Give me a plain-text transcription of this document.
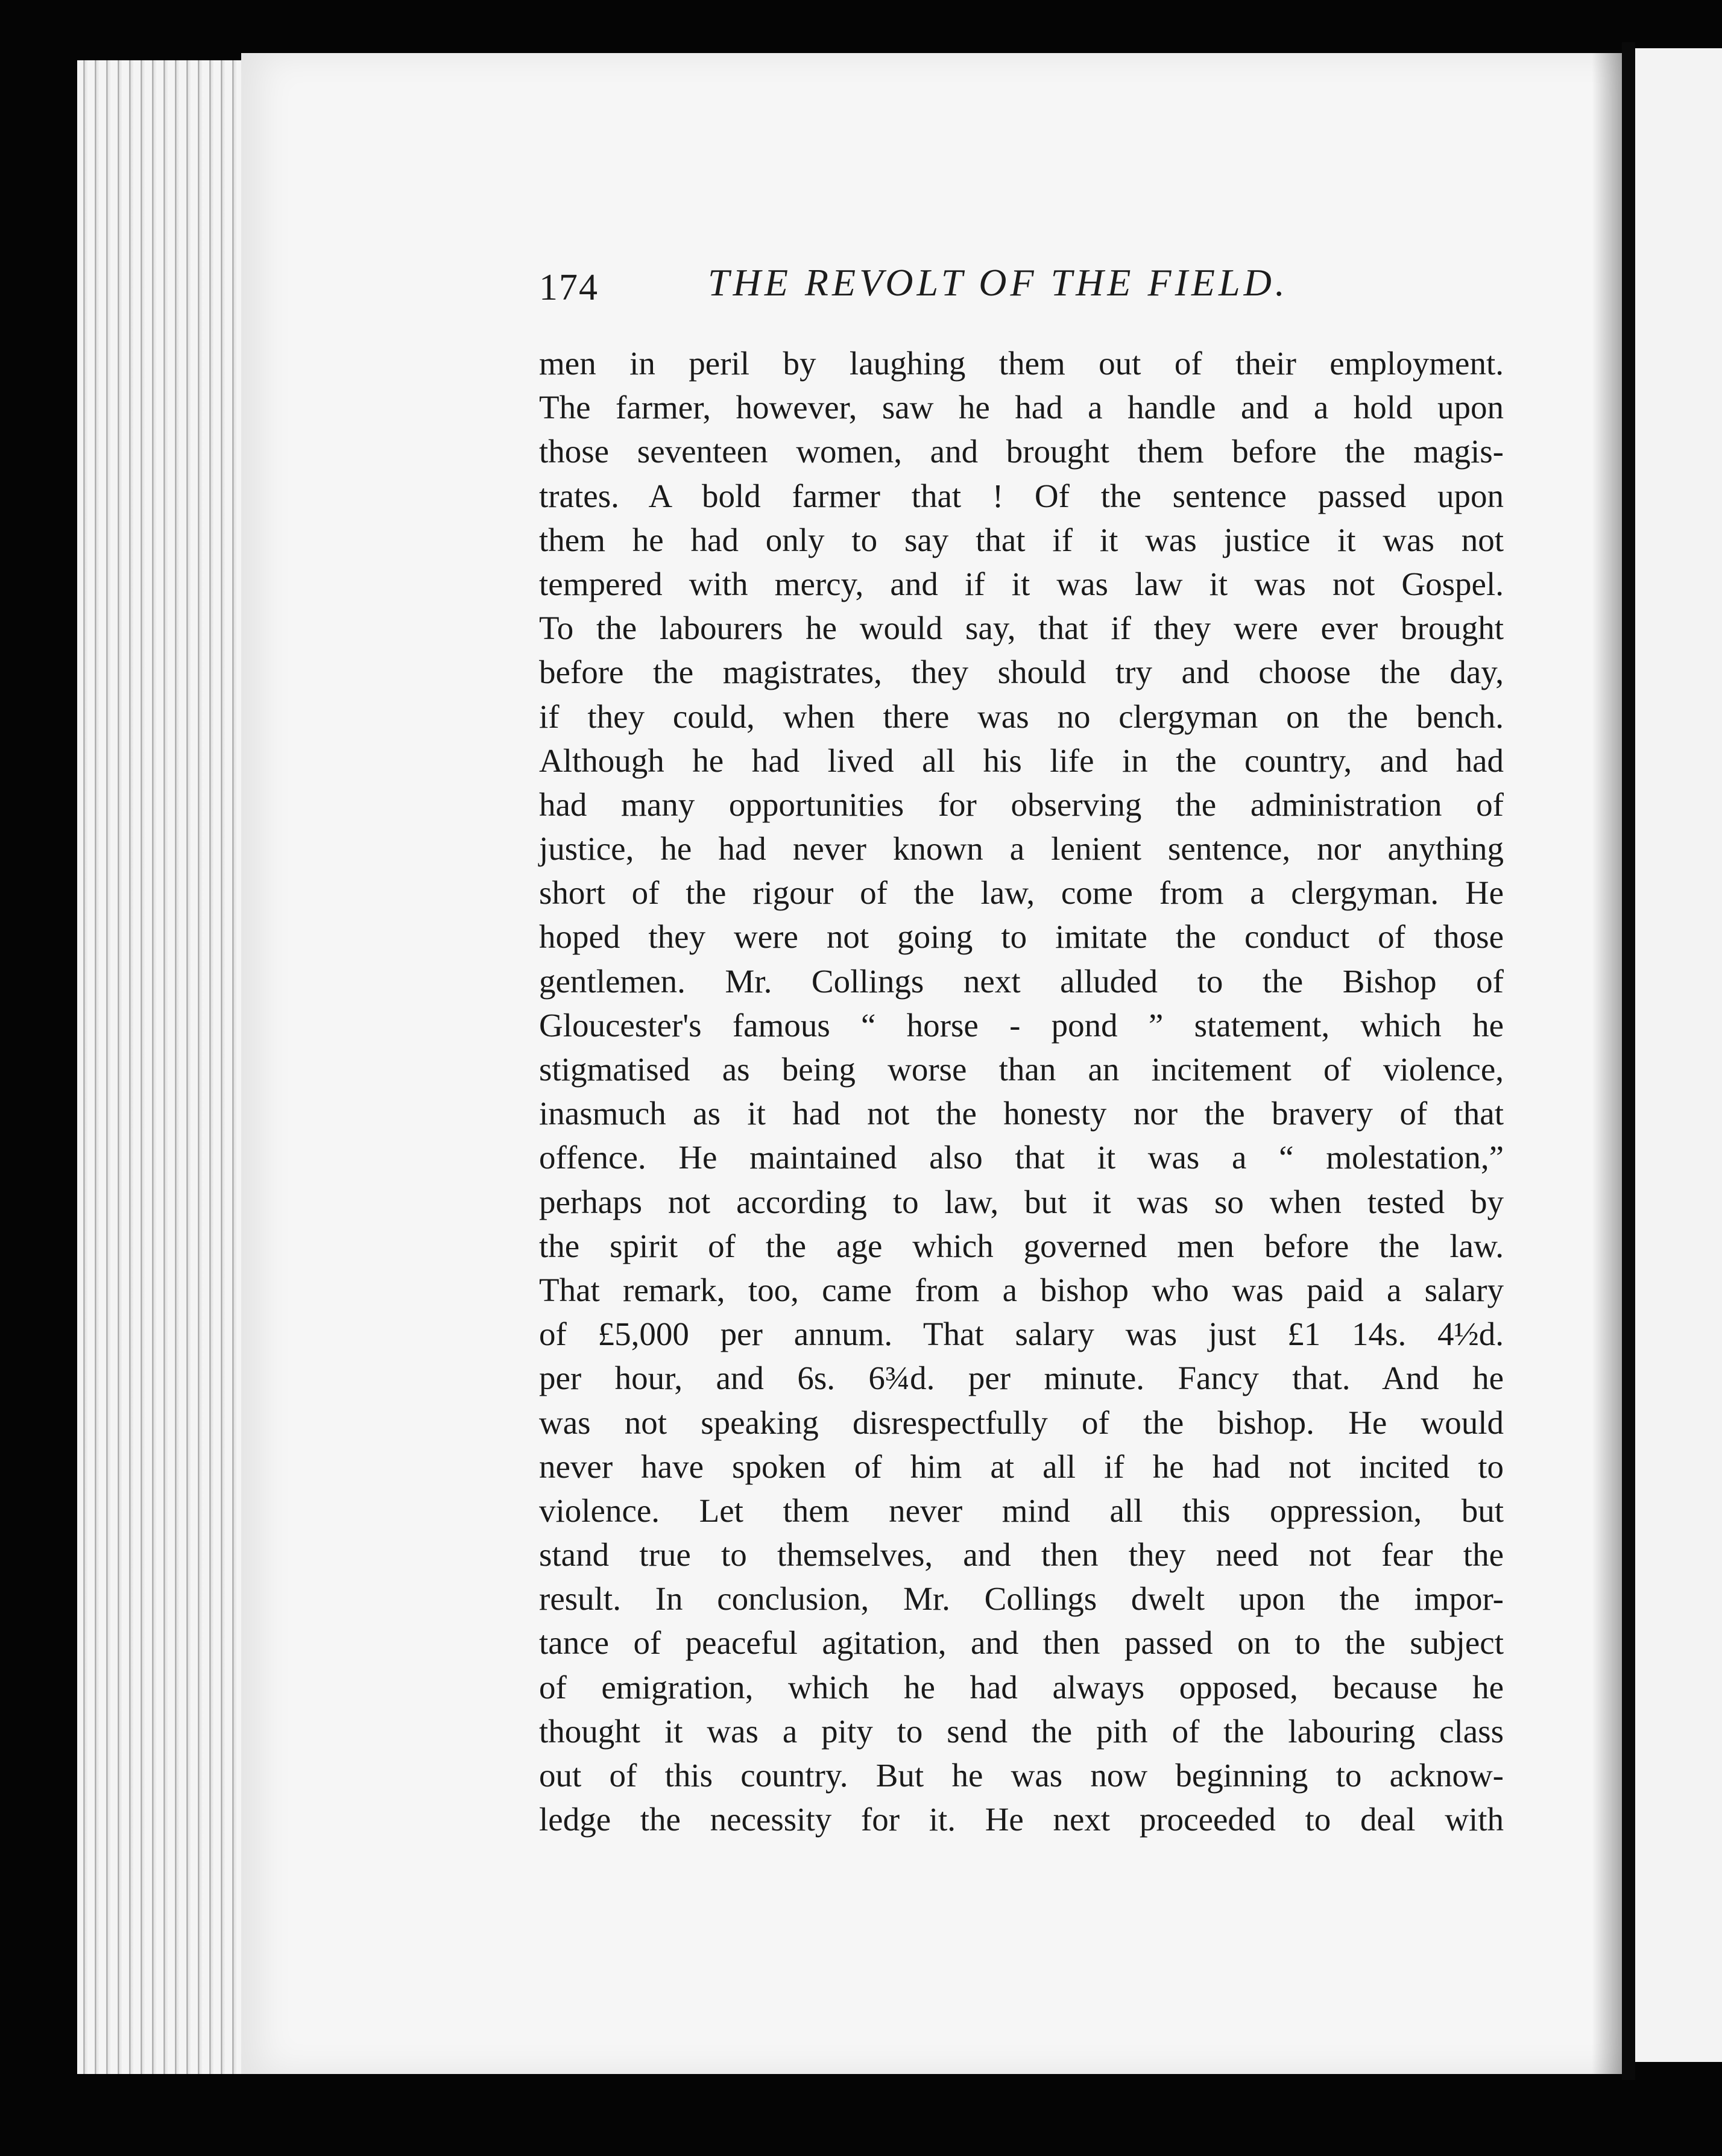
174	THE REVOLT OF THE FIELD.
men in peril by laughing them out of their employment.
The farmer, however, saw he had a handle and a hold upon
those seventeen women, and brought them before the magis-
trates. A bold farmer that ! Of the sentence passed upon
them he had only to say that if it was justice it was not
tempered with mercy, and if it was law it was not Gospel.
To the labourers he would say, that if they were ever brought
before the magistrates, they should try and choose the day,
if they could, when there was no clergyman on the bench.
Although he had lived all his life in the country, and had
had many opportunities for observing the administration of
justice, he had never known a lenient sentence, nor anything
short of the rigour of the law, come from a clergyman. He
hoped they were not going to imitate the conduct of those
gentlemen. Mr. Collings next alluded to the Bishop of
Gloucester's famous “ horse - pond ” statement, which he
stigmatised as being worse than an incitement of violence,
inasmuch as it had not the honesty nor the bravery of that
offence. He maintained also that it was a “ molestation,”
perhaps not according to law, but it was so when tested by
the spirit of the age which governed men before the law.
That remark, too, came from a bishop who was paid a salary
of £5,000 per annum. That salary was just £1 14s. 4½d.
per hour, and 6s. 6¾d. per minute. Fancy that. And he
was not speaking disrespectfully of the bishop. He would
never have spoken of him at all if he had not incited to
violence. Let them never mind all this oppression, but
stand true to themselves, and then they need not fear the
result. In conclusion, Mr. Collings dwelt upon the impor-
tance of peaceful agitation, and then passed on to the subject
of emigration, which he had always opposed, because he
thought it was a pity to send the pith of the labouring class
out of this country. But he was now beginning to acknow-
ledge the necessity for it. He next proceeded to deal with
